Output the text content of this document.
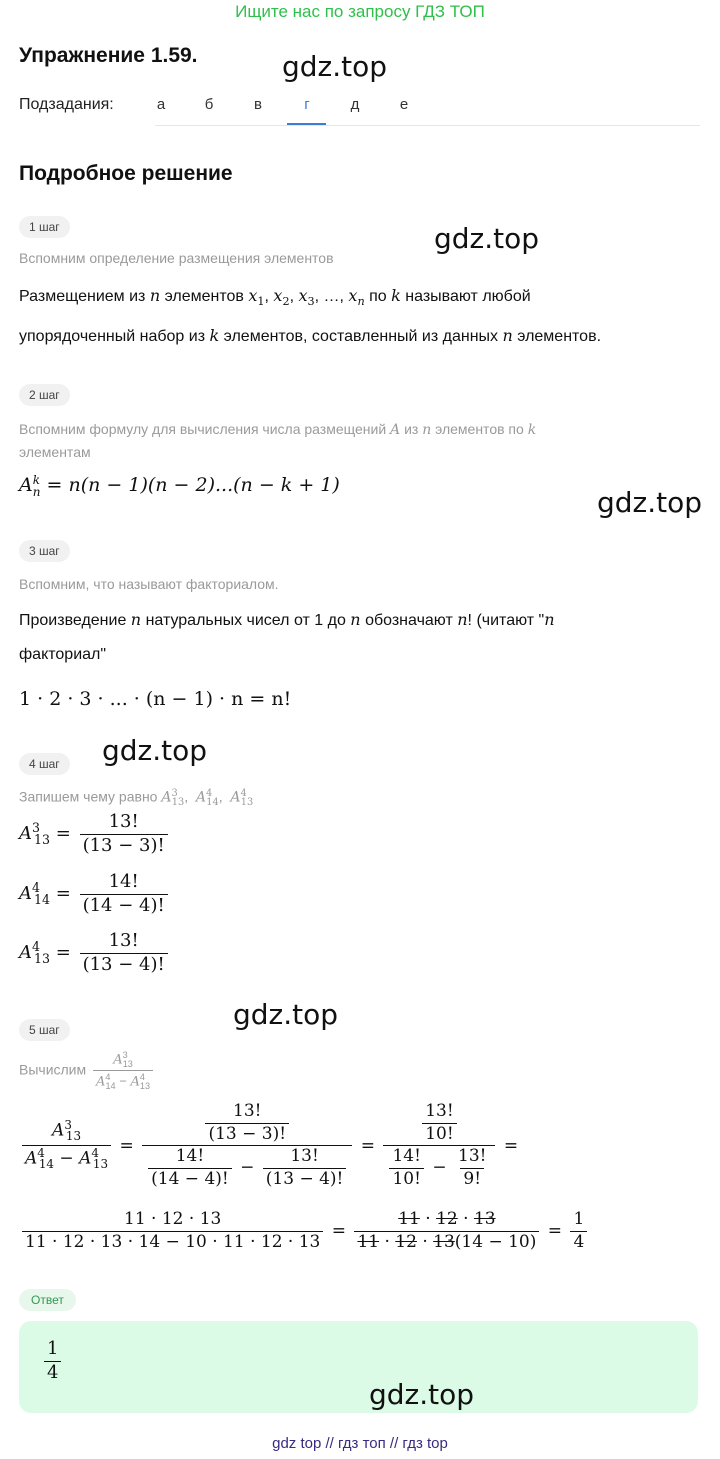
Ищите нас по запросу ГДЗ ТОП
Упражнение 1.59.	gdz.top
Подзадания:	а	б	в	г	д	е
Подробное решение
1 шаг	gdz.top
Вспомним определение размещения элементов
Размещением из n элементов $x_1$, $x_2$, $x_3$, …, $x_n$ по k называют любой
упорядоченный набор из k элементов, составленный из данных n элементов.
2 шаг
Вспомним формулу для вычисления числа размещений A из n элементов по k
элементам
A k
n = n(n − 1)(n − 2)...(n − k + 1)
gdz.top
3 шаг
Вспомним, что называют факториалом.
Произведение n натуральных чисел от 1 до n обозначают n! (читают "n
факториал"
1 · 2 · 3 · ... · (n − 1) · n = n!
gdz.top
4 шаг
Запишем чему равно $A^3_{13}$,  $A^4_{14}$,  $A^4_{13}$
$A^3_{13} = \frac{13!}{(13 - 3)!}$
$A^4_{14} = \frac{14!}{(14 - 4)!}$
$A^4_{13} = \frac{13!}{(13 - 4)!}$
gdz.top
5 шаг
Вычислим $\frac{A^3_{13}}{A^4_{14} - A^4_{13}}$
$\frac{A^3_{13}}{A^4_{14} - A^4_{13}} = \frac{\frac{13!}{(13 - 3)!}}{\frac{14!}{(14 - 4)!} - \frac{13!}{(13 - 4)!}} = \frac{\frac{13!}{10!}}{\frac{14!}{10!} - \frac{13!}{9!}}$ =
$\frac{11 \cdot 12 \cdot 13}{11 \cdot 12 \cdot 13 \cdot 14 - 10 \cdot 11 \cdot 12 \cdot 13} = \frac{11 \cdot 12 \cdot 13}{11 \cdot 12 \cdot 13(14 - 10)} = \frac{1}{4}$
Ответ
$\frac{1}{4}$
gdz.top
gdz top // гдз топ // гдз top
